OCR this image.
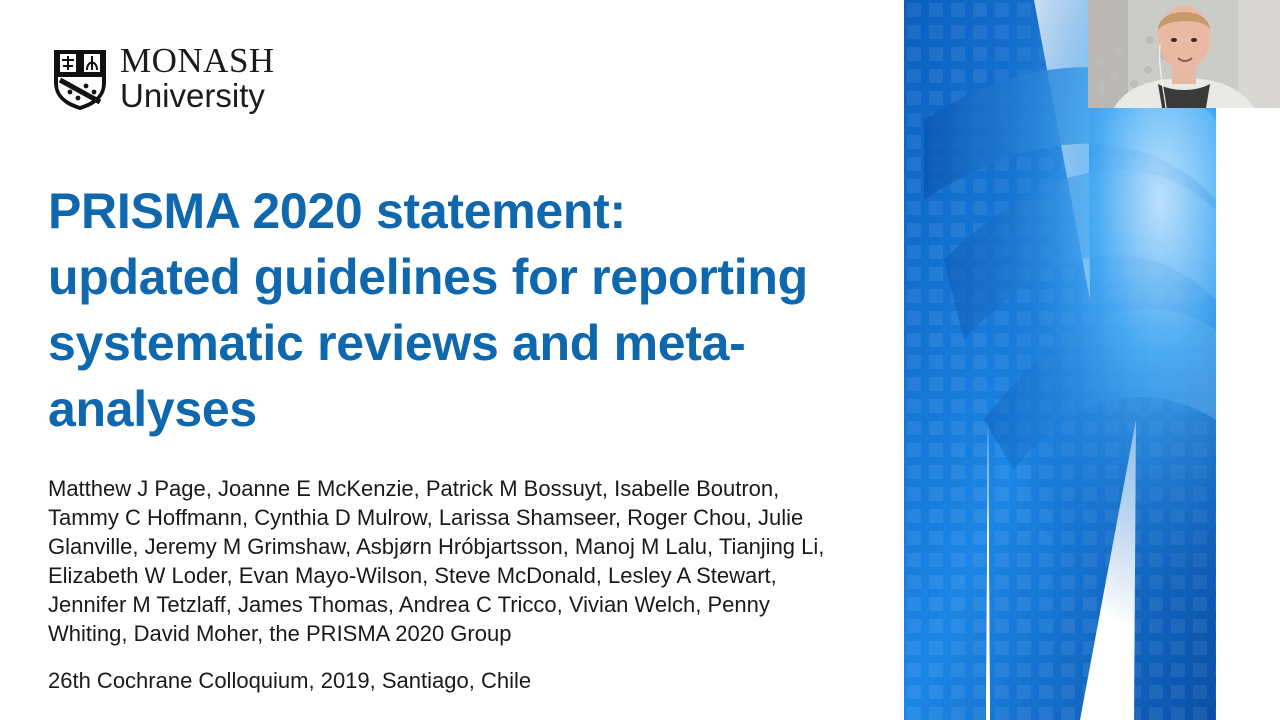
MONASH
University
PRISMA 2020 statement:
updated guidelines for reporting
systematic reviews and meta-
analyses
Matthew J Page, Joanne E McKenzie, Patrick M Bossuyt, Isabelle Boutron,
Tammy C Hoffmann, Cynthia D Mulrow, Larissa Shamseer, Roger Chou, Julie
Glanville, Jeremy M Grimshaw, Asbjørn Hróbjartsson, Manoj M Lalu, Tianjing Li,
Elizabeth W Loder, Evan Mayo-Wilson, Steve McDonald, Lesley A Stewart,
Jennifer M Tetzlaff, James Thomas, Andrea C Tricco, Vivian Welch, Penny
Whiting, David Moher, the PRISMA 2020 Group
26th Cochrane Colloquium, 2019, Santiago, Chile
